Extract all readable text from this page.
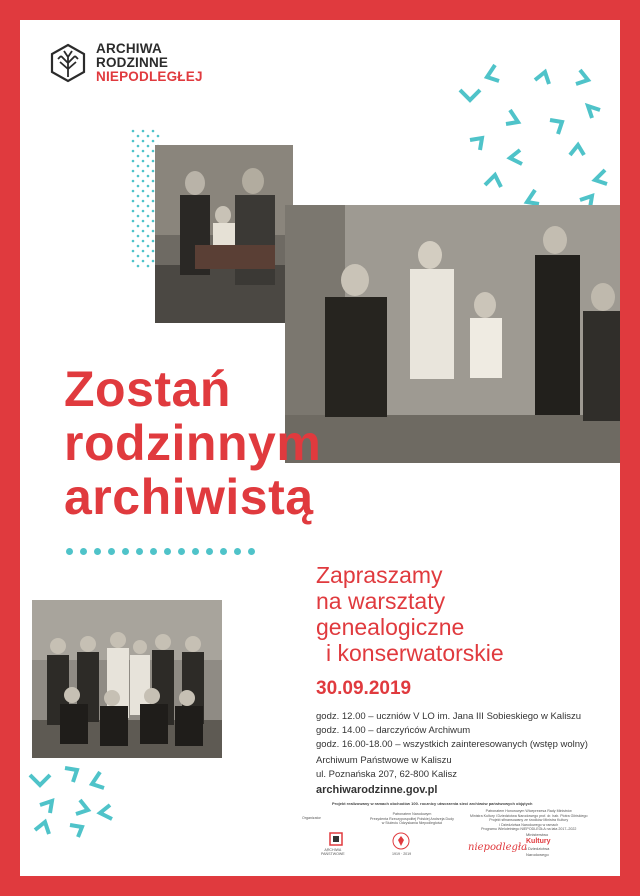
ARCHIWA
RODZINNE
NIEPODLEGŁEJ
Zostań
rodzinnym
archiwistą
Zapraszamy
na warsztaty
genealogiczne
i konserwatorskie
30.09.2019
godz. 12.00 – uczniów V LO im. Jana III Sobieskiego w Kaliszu
godz. 14.00 – darczyńców Archiwum
godz. 16.00-18.00 – wszystkich zainteresowanych (wstęp wolny)
Archiwum Państwowe w Kaliszu
ul. Poznańska 207, 62-800 Kalisz
archiwarodzinne.gov.pl
Projekt realizowany w ramach obchodów 100. rocznicy utworzenia sieci archiwów państwowych objętych
Organizator
Patronatem Narodowym
Prezydenta Rzeczypospolitej Polskiej Andrzeja Dudy
w Stuleciu Odzyskania Niepodległości
Patronatem Honorowym Wiceprezesa Rady Ministrów
Ministra Kultury i Dziedzictwa Narodowego prof. dr. hab. Piotra Glińskiego
Projekt sfinansowany ze środków Ministra Kultury
i Dziedzictwa Narodowego w ramach
Programu Wieloletniego NIEPODLEGŁA na lata 2017–2022
ARCHIWA
PAŃSTWOWE	1919 · 2019
niepodległa
Ministerstwo
Kultury
i Dziedzictwa
Narodowego
